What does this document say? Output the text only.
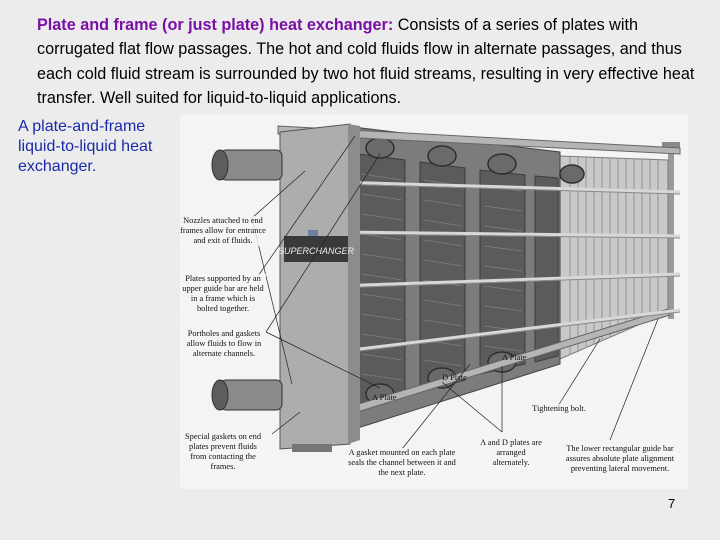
Plate and frame (or just plate) heat exchanger: Consists of a series of plates with corrugated flat flow passages. The hot and cold fluids flow in alternate passages, and thus each cold fluid stream is surrounded by two hot fluid streams, resulting in very effective heat transfer. Well suited for liquid-to-liquid applications.
A plate-and-frame liquid-to-liquid heat exchanger.
SUPERCHANGER
Nozzles attached to end frames allow for entrance and exit of fluids.
Plates supported by an upper guide bar are held in a frame which is bolted together.
Portholes and gaskets allow fluids to flow in alternate channels.
Special gaskets on end plates prevent fluids from contacting the frames.
A and D plates are arranged alternately.
A gasket mounted on each plate seals the channel between it and the next plate.
Tightening bolt.
The lower rectangular guide bar assures absolute plate alignment preventing lateral movement.
A Plate
D Plate
A Plate
7
